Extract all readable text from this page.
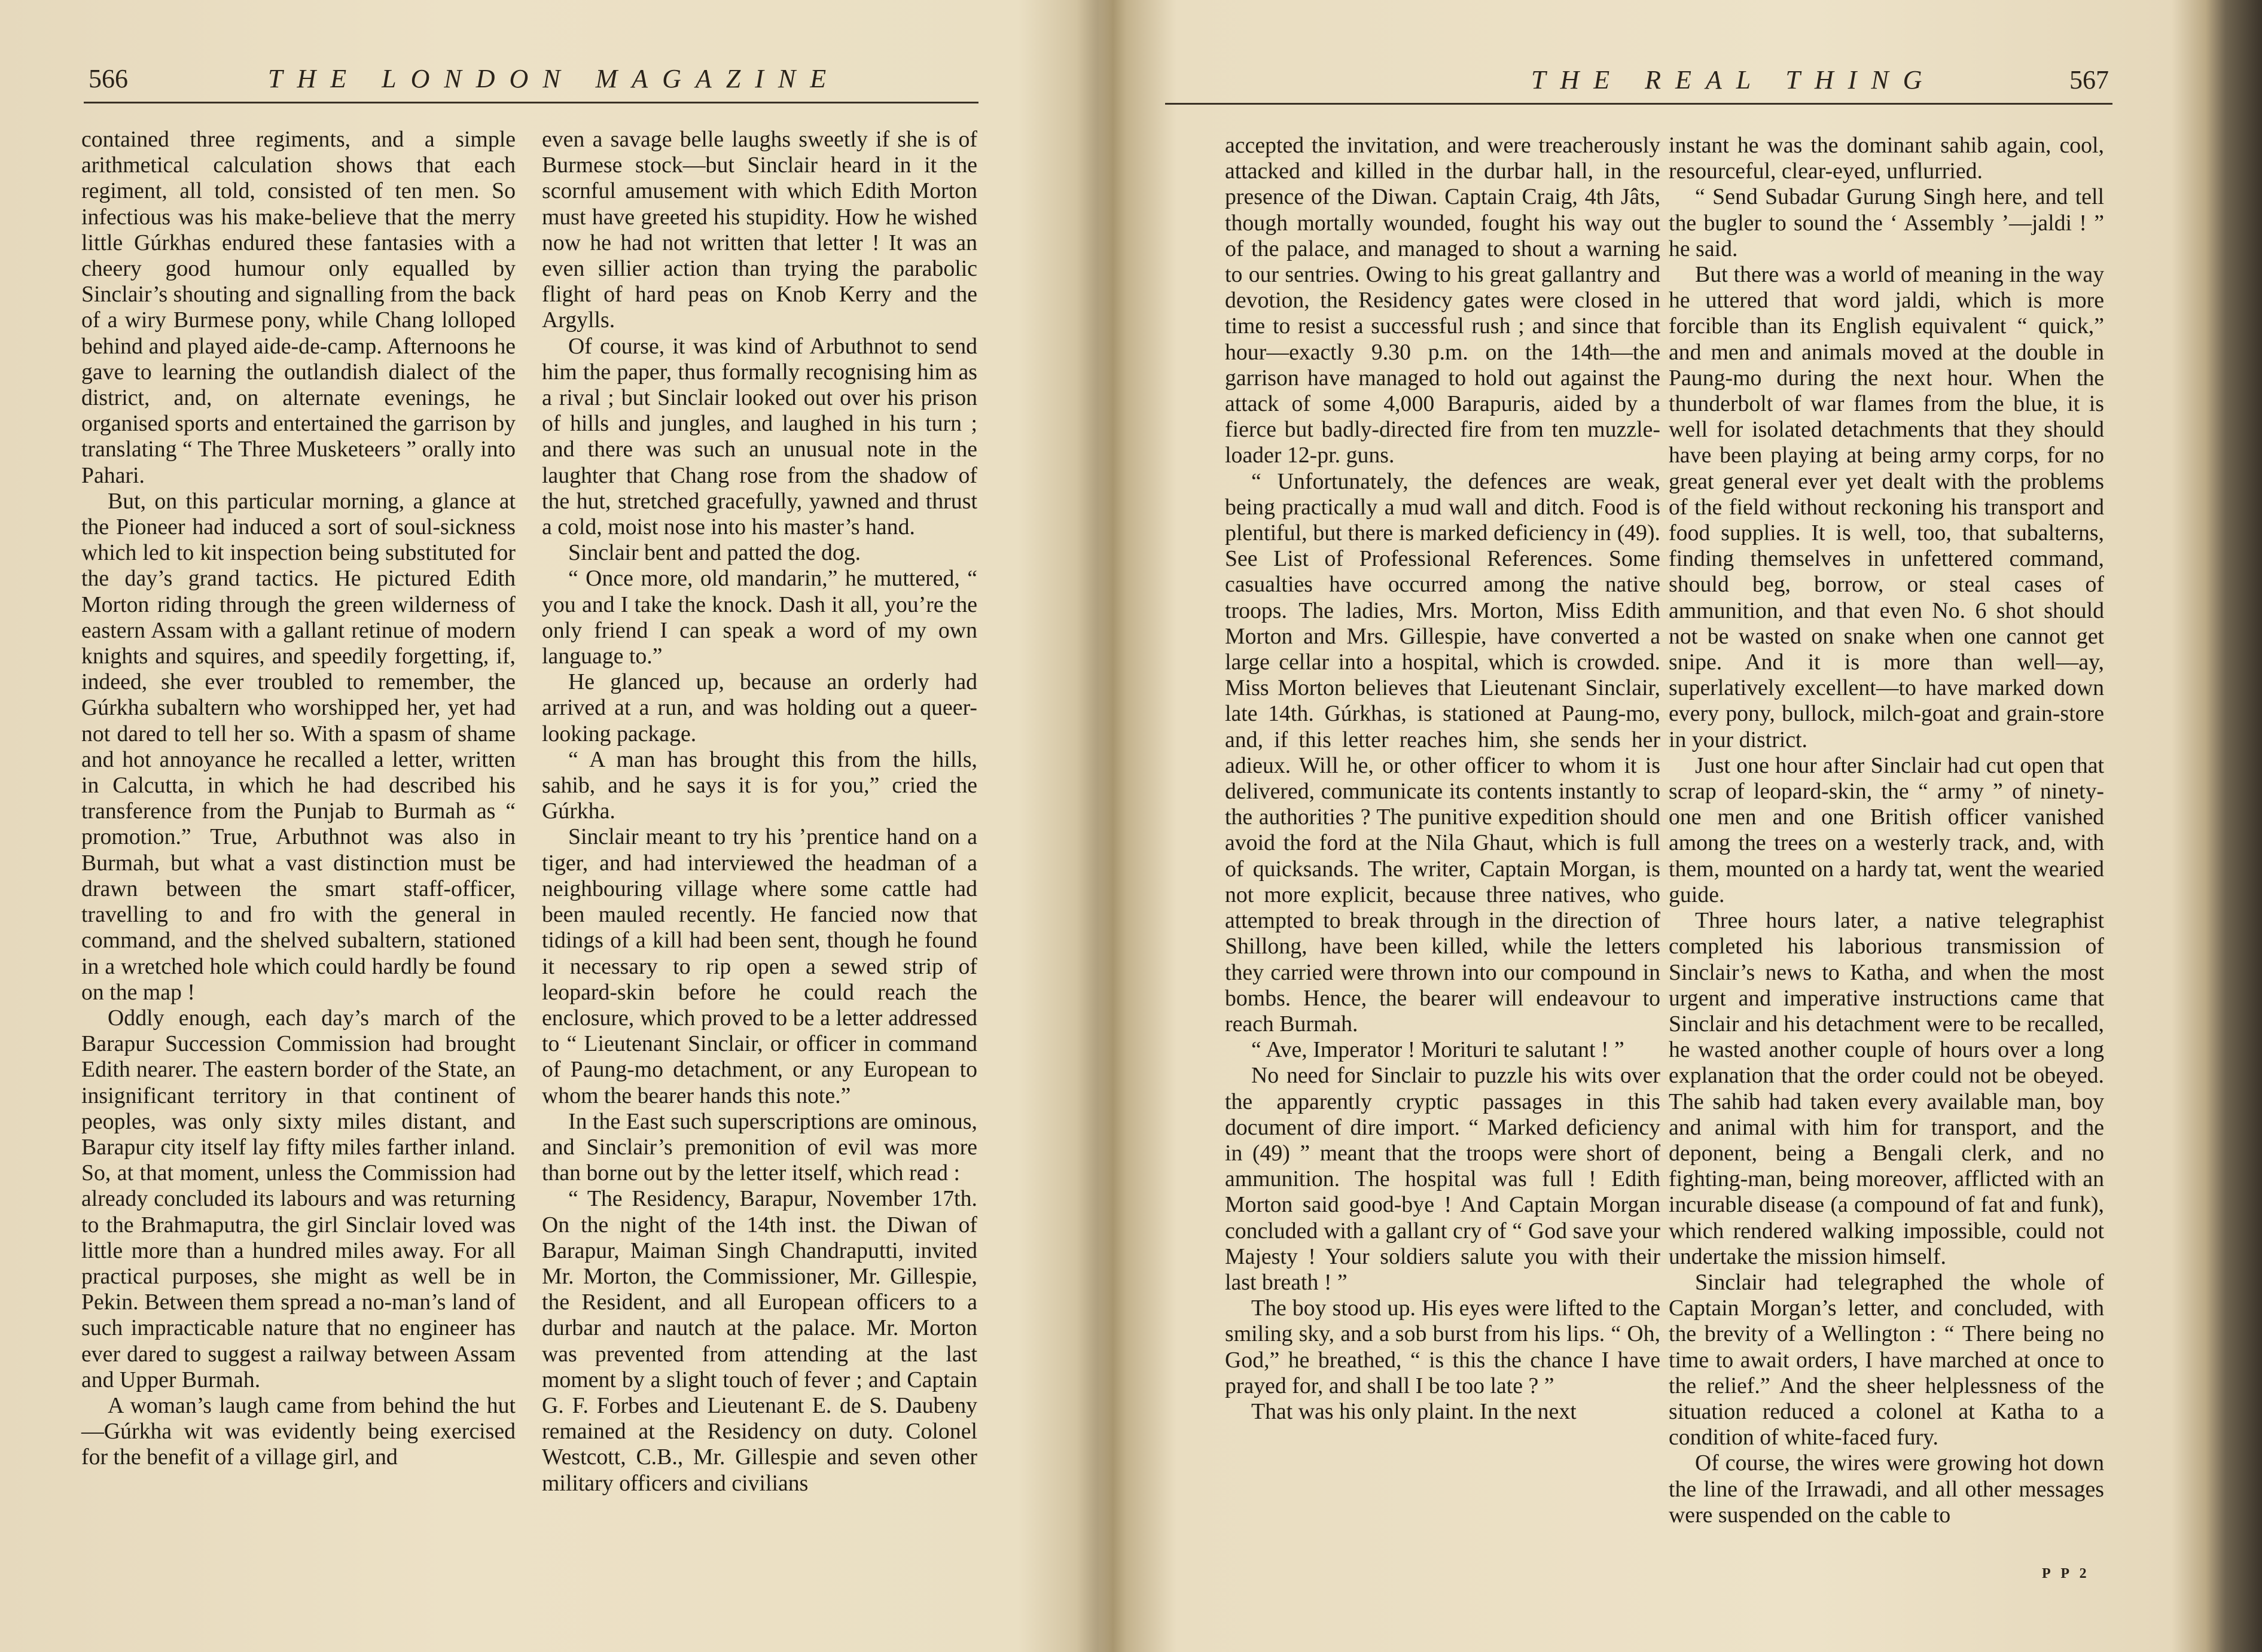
566	THE LONDON MAGAZINE

contained three regiments, and a simple arithmetical calculation shows that each regiment, all told, consisted of ten men. So infectious was his make-believe that the merry little Gúrkhas endured these fantasies with a cheery good humour only equalled by Sinclair’s shouting and signalling from the back of a wiry Burmese pony, while Chang lolloped behind and played aide-de-camp. Afternoons he gave to learning the outlandish dialect of the district, and, on alternate evenings, he organised sports and entertained the garrison by translating “ The Three Musketeers ” orally into Pahari.

But, on this particular morning, a glance at the Pioneer had induced a sort of soul-sickness which led to kit inspection being substituted for the day’s grand tactics. He pictured Edith Morton riding through the green wilderness of eastern Assam with a gallant retinue of modern knights and squires, and speedily forgetting, if, indeed, she ever troubled to remember, the Gúrkha subaltern who worshipped her, yet had not dared to tell her so. With a spasm of shame and hot annoyance he recalled a letter, written in Calcutta, in which he had described his transference from the Punjab to Burmah as “ promotion.” True, Arbuthnot was also in Burmah, but what a vast distinction must be drawn between the smart staff-officer, travelling to and fro with the general in command, and the shelved subaltern, stationed in a wretched hole which could hardly be found on the map !

Oddly enough, each day’s march of the Barapur Succession Commission had brought Edith nearer. The eastern border of the State, an insignificant territory in that continent of peoples, was only sixty miles distant, and Barapur city itself lay fifty miles farther inland. So, at that moment, unless the Commission had already concluded its labours and was returning to the Brahmaputra, the girl Sinclair loved was little more than a hundred miles away. For all practical purposes, she might as well be in Pekin. Between them spread a no-man’s land of such impracticable nature that no engineer has ever dared to suggest a railway between Assam and Upper Burmah.

A woman’s laugh came from behind the hut—Gúrkha wit was evidently being exercised for the benefit of a village girl, and

even a savage belle laughs sweetly if she is of Burmese stock—but Sinclair heard in it the scornful amusement with which Edith Morton must have greeted his stupidity. How he wished now he had not written that letter ! It was an even sillier action than trying the parabolic flight of hard peas on Knob Kerry and the Argylls.

Of course, it was kind of Arbuthnot to send him the paper, thus formally recognising him as a rival ; but Sinclair looked out over his prison of hills and jungles, and laughed in his turn ; and there was such an unusual note in the laughter that Chang rose from the shadow of the hut, stretched gracefully, yawned and thrust a cold, moist nose into his master’s hand.

Sinclair bent and patted the dog.

“ Once more, old mandarin,” he muttered, “ you and I take the knock. Dash it all, you’re the only friend I can speak a word of my own language to.”

He glanced up, because an orderly had arrived at a run, and was holding out a queer-looking package.

“ A man has brought this from the hills, sahib, and he says it is for you,” cried the Gúrkha.

Sinclair meant to try his ’prentice hand on a tiger, and had interviewed the headman of a neighbouring village where some cattle had been mauled recently. He fancied now that tidings of a kill had been sent, though he found it necessary to rip open a sewed strip of leopard-skin before he could reach the enclosure, which proved to be a letter addressed to “ Lieutenant Sinclair, or officer in command of Paung-mo detachment, or any European to whom the bearer hands this note.”

In the East such superscriptions are ominous, and Sinclair’s premonition of evil was more than borne out by the letter itself, which read :

“ The Residency, Barapur, November 17th. On the night of the 14th inst. the Diwan of Barapur, Maiman Singh Chandraputti, invited Mr. Morton, the Commissioner, Mr. Gillespie, the Resident, and all European officers to a durbar and nautch at the palace. Mr. Morton was prevented from attending at the last moment by a slight touch of fever ; and Captain G. F. Forbes and Lieutenant E. de S. Daubeny remained at the Residency on duty. Colonel Westcott, C.B., Mr. Gillespie and seven other military officers and civilians

THE REAL THING	567

accepted the invitation, and were treacherously attacked and killed in the durbar hall, in the presence of the Diwan. Captain Craig, 4th Jâts, though mortally wounded, fought his way out of the palace, and managed to shout a warning to our sentries. Owing to his great gallantry and devotion, the Residency gates were closed in time to resist a successful rush ; and since that hour—exactly 9.30 p.m. on the 14th—the garrison have managed to hold out against the attack of some 4,000 Barapuris, aided by a fierce but badly-directed fire from ten muzzle-loader 12-pr. guns.

“ Unfortunately, the defences are weak, being practically a mud wall and ditch. Food is plentiful, but there is marked deficiency in (49). See List of Professional References. Some casualties have occurred among the native troops. The ladies, Mrs. Morton, Miss Edith Morton and Mrs. Gillespie, have converted a large cellar into a hospital, which is crowded. Miss Morton believes that Lieutenant Sinclair, late 14th. Gúrkhas, is stationed at Paung-mo, and, if this letter reaches him, she sends her adieux. Will he, or other officer to whom it is delivered, communicate its contents instantly to the authorities ? The punitive expedition should avoid the ford at the Nila Ghaut, which is full of quicksands. The writer, Captain Morgan, is not more explicit, because three natives, who attempted to break through in the direction of Shillong, have been killed, while the letters they carried were thrown into our compound in bombs. Hence, the bearer will endeavour to reach Burmah.

“ Ave, Imperator ! Morituri te salutant ! ”

No need for Sinclair to puzzle his wits over the apparently cryptic passages in this document of dire import. “ Marked deficiency in (49) ” meant that the troops were short of ammunition. The hospital was full ! Edith Morton said good-bye ! And Captain Morgan concluded with a gallant cry of “ God save your Majesty ! Your soldiers salute you with their last breath ! ”

The boy stood up. His eyes were lifted to the smiling sky, and a sob burst from his lips. “ Oh, God,” he breathed, “ is this the chance I have prayed for, and shall I be too late ? ”

That was his only plaint. In the next

instant he was the dominant sahib again, cool, resourceful, clear-eyed, unflurried.

“ Send Subadar Gurung Singh here, and tell the bugler to sound the ‘ Assembly ’—jaldi ! ” he said.

But there was a world of meaning in the way he uttered that word jaldi, which is more forcible than its English equivalent “ quick,” and men and animals moved at the double in Paung-mo during the next hour. When the thunderbolt of war flames from the blue, it is well for isolated detachments that they should have been playing at being army corps, for no great general ever yet dealt with the problems of the field without reckoning his transport and food supplies. It is well, too, that subalterns, finding themselves in unfettered command, should beg, borrow, or steal cases of ammunition, and that even No. 6 shot should not be wasted on snake when one cannot get snipe. And it is more than well—ay, superlatively excellent—to have marked down every pony, bullock, milch-goat and grain-store in your district.

Just one hour after Sinclair had cut open that scrap of leopard-skin, the “ army ” of ninety-one men and one British officer vanished among the trees on a westerly track, and, with them, mounted on a hardy tat, went the wearied guide.

Three hours later, a native telegraphist completed his laborious transmission of Sinclair’s news to Katha, and when the most urgent and imperative instructions came that Sinclair and his detachment were to be recalled, he wasted another couple of hours over a long explanation that the order could not be obeyed. The sahib had taken every available man, boy and animal with him for transport, and the deponent, being a Bengali clerk, and no fighting-man, being moreover, afflicted with an incurable disease (a compound of fat and funk), which rendered walking impossible, could not undertake the mission himself.

Sinclair had telegraphed the whole of Captain Morgan’s letter, and concluded, with the brevity of a Wellington : “ There being no time to await orders, I have marched at once to the relief.” And the sheer helplessness of the situation reduced a colonel at Katha to a condition of white-faced fury.

Of course, the wires were growing hot down the line of the Irrawadi, and all other messages were suspended on the cable to

P P 2
